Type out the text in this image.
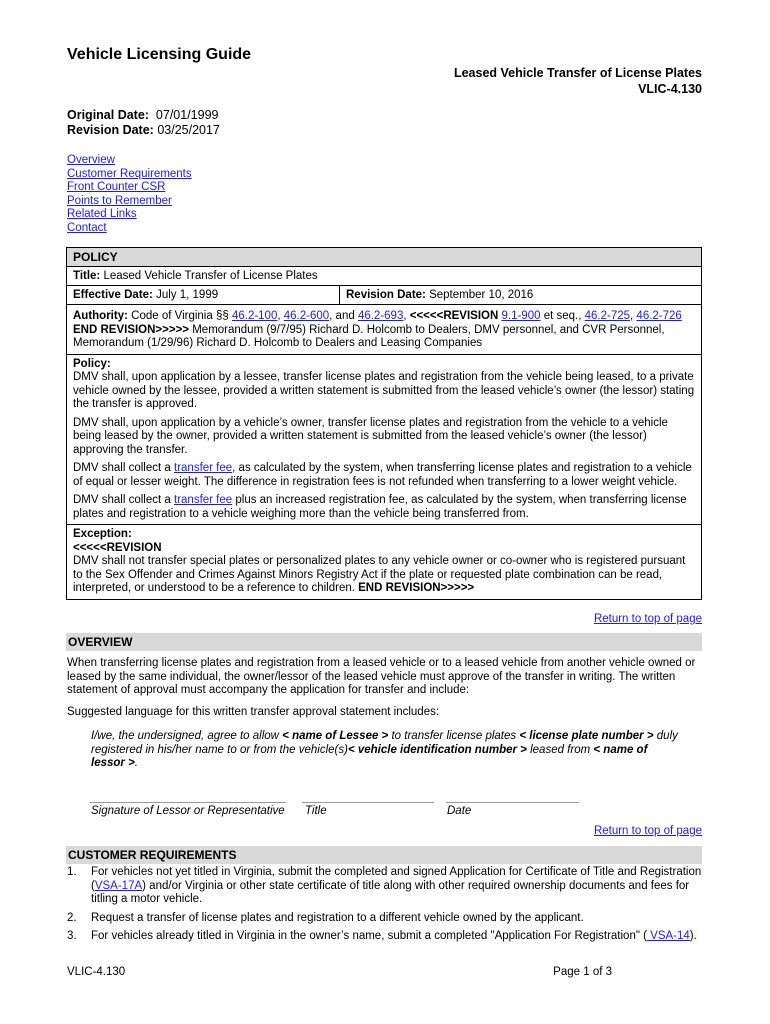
Vehicle Licensing Guide
Leased Vehicle Transfer of License Plates
VLIC-4.130
Original Date: 07/01/1999
Revision Date: 03/25/2017
Overview
Customer Requirements
Front Counter CSR
Points to Remember
Related Links
Contact
POLICY
Title: Leased Vehicle Transfer of License Plates
Effective Date: July 1, 1999	Revision Date: September 10, 2016
Authority: Code of Virginia §§ 46.2-100, 46.2-600, and 46.2-693, <<<<<REVISION 9.1-900 et seq., 46.2-725, 46.2-726 END REVISION>>>>> Memorandum (9/7/95) Richard D. Holcomb to Dealers, DMV personnel, and CVR Personnel, Memorandum (1/29/96) Richard D. Holcomb to Dealers and Leasing Companies

Policy:

DMV shall, upon application by a lessee, transfer license plates and registration from the vehicle being leased, to a private vehicle owned by the lessee, provided a written statement is submitted from the leased vehicle’s owner (the lessor) stating the transfer is approved.

DMV shall, upon application by a vehicle’s owner, transfer license plates and registration from the vehicle to a vehicle being leased by the owner, provided a written statement is submitted from the leased vehicle’s owner (the lessor) approving the transfer.

DMV shall collect a transfer fee, as calculated by the system, when transferring license plates and registration to a vehicle of equal or lesser weight. The difference in registration fees is not refunded when transferring to a lower weight vehicle.

DMV shall collect a transfer fee plus an increased registration fee, as calculated by the system, when transferring license plates and registration to a vehicle weighing more than the vehicle being transferred from.

Exception:
<<<<<REVISION
DMV shall not transfer special plates or personalized plates to any vehicle owner or co-owner who is registered pursuant to the Sex Offender and Crimes Against Minors Registry Act if the plate or requested plate combination can be read, interpreted, or understood to be a reference to children. END REVISION>>>>>
Return to top of page
OVERVIEW

When transferring license plates and registration from a leased vehicle or to a leased vehicle from another vehicle owned or leased by the same individual, the owner/lessor of the leased vehicle must approve of the transfer in writing. The written statement of approval must accompany the application for transfer and include:

Suggested language for this written transfer approval statement includes:

I/we, the undersigned, agree to allow < name of Lessee > to transfer license plates < license plate number > duly registered in his/her name to or from the vehicle(s)< vehicle identification number > leased from < name of lessor >.
Signature of Lessor or Representative Title	Date
Return to top of page
CUSTOMER REQUIREMENTS
1.	For vehicles not yet titled in Virginia, submit the completed and signed Application for Certificate of Title and Registration (VSA-17A) and/or Virginia or other state certificate of title along with other required ownership documents and fees for titling a motor vehicle.
2.	Request a transfer of license plates and registration to a different vehicle owned by the applicant.
3.	For vehicles already titled in Virginia in the owner’s name, submit a completed "Application For Registration" ( VSA-14).
VLIC-4.130	Page 1 of 3
